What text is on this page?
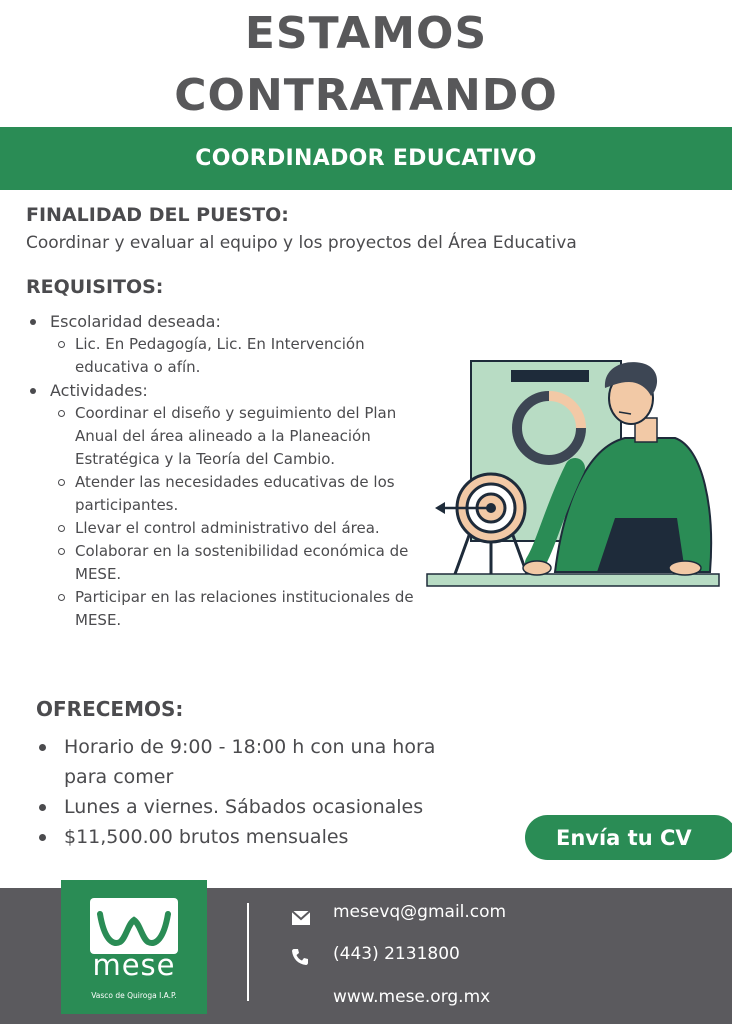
ESTAMOS
CONTRATANDO
COORDINADOR EDUCATIVO
FINALIDAD DEL PUESTO:
Coordinar y evaluar al equipo y los proyectos del Área Educativa
REQUISITOS:
Escolaridad deseada:
Lic. En Pedagogía, Lic. En Intervención educativa o afín.
Actividades:
Coordinar el diseño y seguimiento del Plan Anual del área alineado a la Planeación Estratégica y la Teoría del Cambio.
Atender las necesidades educativas de los participantes.
Llevar el control administrativo del área.
Colaborar en la sostenibilidad económica de MESE.
Participar en las relaciones institucionales de MESE.
OFRECEMOS:
Horario de 9:00 - 18:00 h con una hora para comer
Lunes a viernes. Sábados ocasionales
$11,500.00 brutos mensuales	Envía tu CV
mese
Vasco de Quiroga I.A.P.
mesevq@gmail.com
(443) 2131800
www.mese.org.mx
